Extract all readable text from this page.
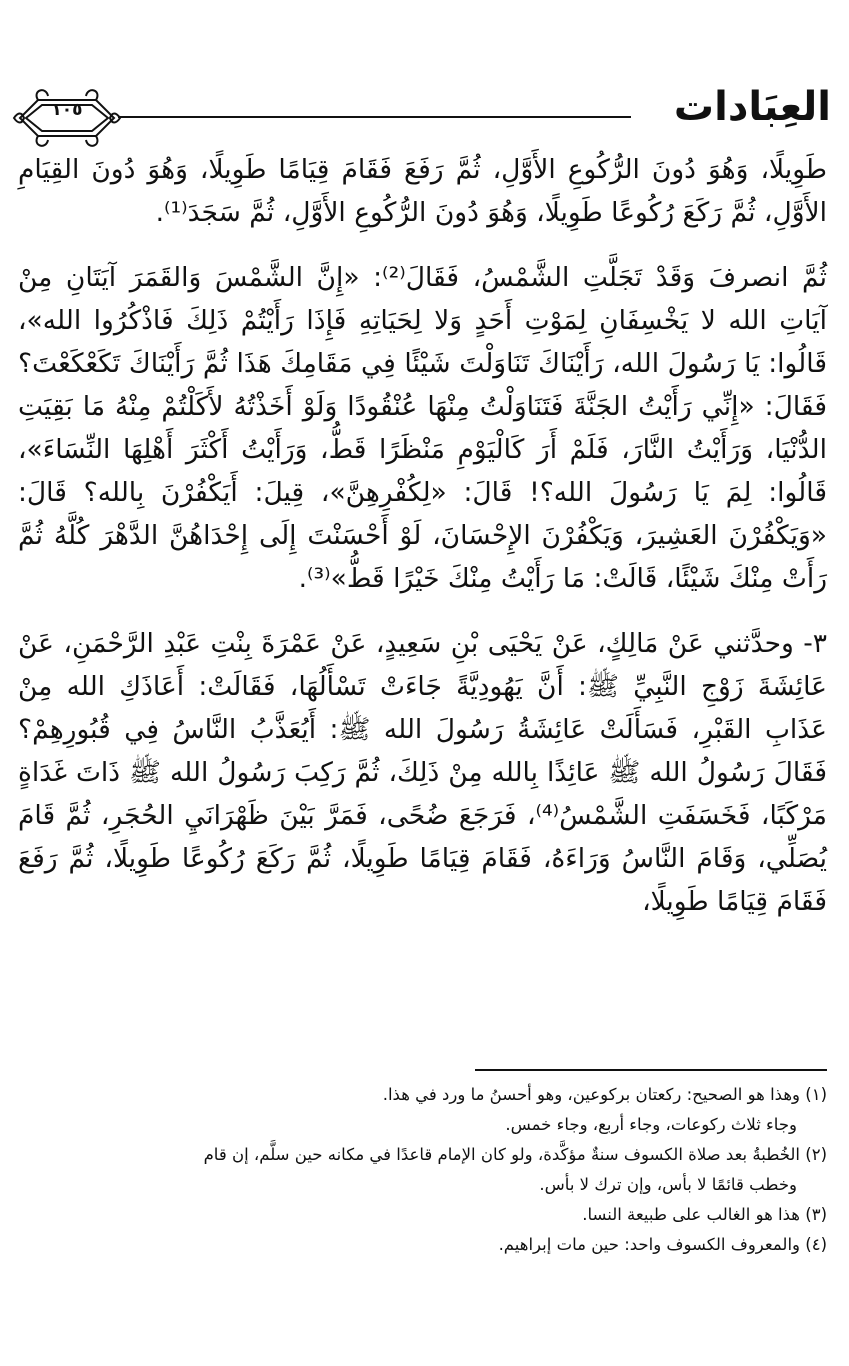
العِبَادات
١٠٥

طَوِيلًا، وَهُوَ دُونَ الرُّكُوعِ الأَوَّلِ، ثُمَّ رَفَعَ فَقَامَ قِيَامًا طَوِيلًا، وَهُوَ دُونَ القِيَامِ الأَوَّلِ، ثُمَّ رَكَعَ رُكُوعًا طَوِيلًا، وَهُوَ دُونَ الرُّكُوعِ الأَوَّلِ، ثُمَّ سَجَدَ⁽¹⁾.

ثُمَّ انصرفَ وَقَدْ تَجَلَّتِ الشَّمْسُ، فَقَالَ⁽²⁾: «إِنَّ الشَّمْسَ وَالقَمَرَ آيَتَانِ مِنْ آيَاتِ الله لا يَخْسِفَانِ لِمَوْتِ أَحَدٍ وَلا لِحَيَاتِهِ فَإِذَا رَأَيْتُمْ ذَلِكَ فَاذْكُرُوا الله»، قَالُوا: يَا رَسُولَ الله، رَأَيْنَاكَ تَنَاوَلْتَ شَيْئًا فِي مَقَامِكَ هَذَا ثُمَّ رَأَيْنَاكَ تَكَعْكَعْتَ؟ فَقَالَ: «إِنِّي رَأَيْتُ الجَنَّةَ فَتَنَاوَلْتُ مِنْهَا عُنْقُودًا وَلَوْ أَخَذْتُهُ لأَكَلْتُمْ مِنْهُ مَا بَقِيَتِ الدُّنْيَا، وَرَأَيْتُ النَّارَ، فَلَمْ أَرَ كَالْيَوْمِ مَنْظَرًا قَطُّ، وَرَأَيْتُ أَكْثَرَ أَهْلِهَا النِّسَاءَ»، قَالُوا: لِمَ يَا رَسُولَ الله؟! قَالَ: «لِكُفْرِهِنَّ»، قِيلَ: أَيَكْفُرْنَ بِالله؟ قَالَ: «وَيَكْفُرْنَ العَشِيرَ، وَيَكْفُرْنَ الإِحْسَانَ، لَوْ أَحْسَنْتَ إِلَى إِحْدَاهُنَّ الدَّهْرَ كُلَّهُ ثُمَّ رَأَتْ مِنْكَ شَيْئًا، قَالَتْ: مَا رَأَيْتُ مِنْكَ خَيْرًا قَطُّ»⁽³⁾.

٣- وحدَّثني عَنْ مَالِكٍ، عَنْ يَحْيَى بْنِ سَعِيدٍ، عَنْ عَمْرَةَ بِنْتِ عَبْدِ الرَّحْمَنِ، عَنْ عَائِشَةَ زَوْجِ النَّبِيِّ ﷺ: أَنَّ يَهُودِيَّةً جَاءَتْ تَسْأَلُهَا، فَقَالَتْ: أَعَاذَكِ الله مِنْ عَذَابِ القَبْرِ، فَسَأَلَتْ عَائِشَةُ رَسُولَ الله ﷺ: أَيُعَذَّبُ النَّاسُ فِي قُبُورِهِمْ؟ فَقَالَ رَسُولُ الله ﷺ عَائِذًا بِالله مِنْ ذَلِكَ، ثُمَّ رَكِبَ رَسُولُ الله ﷺ ذَاتَ غَدَاةٍ مَرْكَبًا، فَخَسَفَتِ الشَّمْسُ⁽⁴⁾، فَرَجَعَ ضُحًى، فَمَرَّ بَيْنَ ظَهْرَانَيِ الحُجَرِ، ثُمَّ قَامَ يُصَلِّي، وَقَامَ النَّاسُ وَرَاءَهُ، فَقَامَ قِيَامًا طَوِيلًا، ثُمَّ رَكَعَ رُكُوعًا طَوِيلًا، ثُمَّ رَفَعَ فَقَامَ قِيَامًا طَوِيلًا،

(١) وهذا هو الصحيح: ركعتان بركوعين، وهو أحسنُ ما ورد في هذا.

وجاء ثلاث ركوعات، وجاء أربع، وجاء خمس.

(٢) الخُطبةُ بعد صلاة الكسوف سنةٌ مؤكَّدة، ولو كان الإمام قاعدًا في مكانه حين سلَّم، إن قام

وخطب قائمًا لا بأس، وإن ترك لا بأس.

(٣) هذا هو الغالب على طبيعة النسا.

(٤) والمعروف الكسوف واحد: حين مات إبراهيم.
